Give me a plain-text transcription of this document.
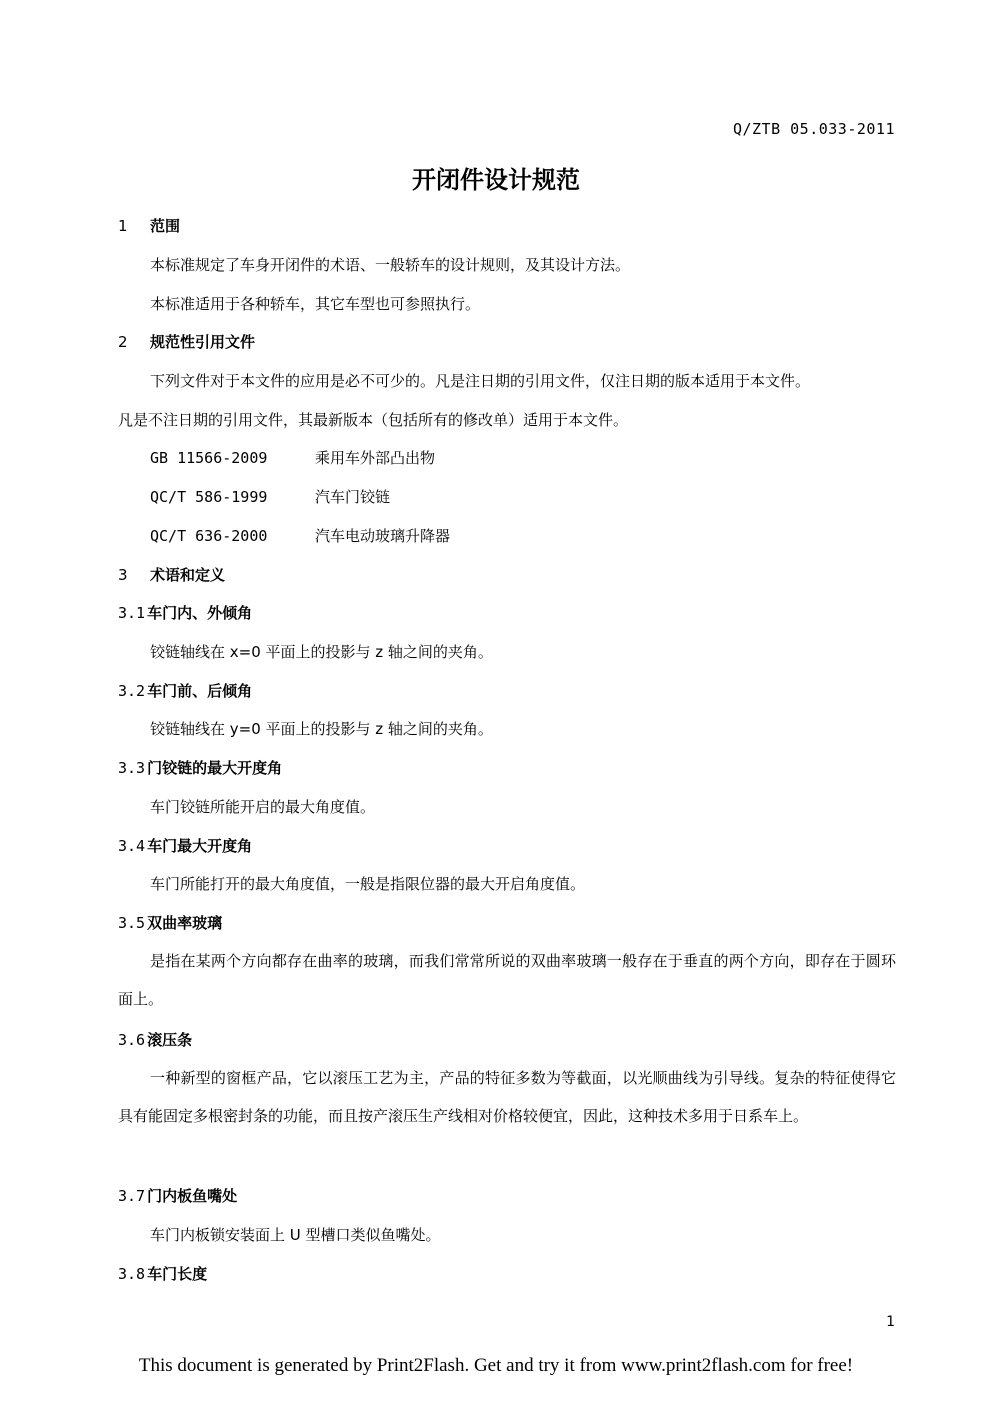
Q/ZTB 05.033-2011
开闭件设计规范
1 范围
本标准规定了车身开闭件的术语、一般轿车的设计规则，及其设计方法。
本标准适用于各种轿车，其它车型也可参照执行。
2 规范性引用文件
下列文件对于本文件的应用是必不可少的。凡是注日期的引用文件，仅注日期的版本适用于本文件。
凡是不注日期的引用文件，其最新版本（包括所有的修改单）适用于本文件。
GB 11566-2009	乘用车外部凸出物
QC/T 586-1999	汽车门铰链
QC/T 636-2000	汽车电动玻璃升降器
3 术语和定义
3.1 车门内、外倾角
铰链轴线在 x=0 平面上的投影与 z 轴之间的夹角。
3.2 车门前、后倾角
铰链轴线在 y=0 平面上的投影与 z 轴之间的夹角。
3.3 门铰链的最大开度角
车门铰链所能开启的最大角度值。
3.4 车门最大开度角
车门所能打开的最大角度值，一般是指限位器的最大开启角度值。
3.5 双曲率玻璃
是指在某两个方向都存在曲率的玻璃，而我们常常所说的双曲率玻璃一般存在于垂直的两个方向，即存在于圆环面上。
3.6 滚压条
一种新型的窗框产品，它以滚压工艺为主，产品的特征多数为等截面，以光顺曲线为引导线。复杂的特征使得它具有能固定多根密封条的功能，而且按产滚压生产线相对价格较便宜，因此，这种技术多用于日系车上。
3.7 门内板鱼嘴处
车门内板锁安装面上 U 型槽口类似鱼嘴处。
3.8 车门长度
1
This document is generated by Print2Flash. Get and try it from www.print2flash.com for free!
